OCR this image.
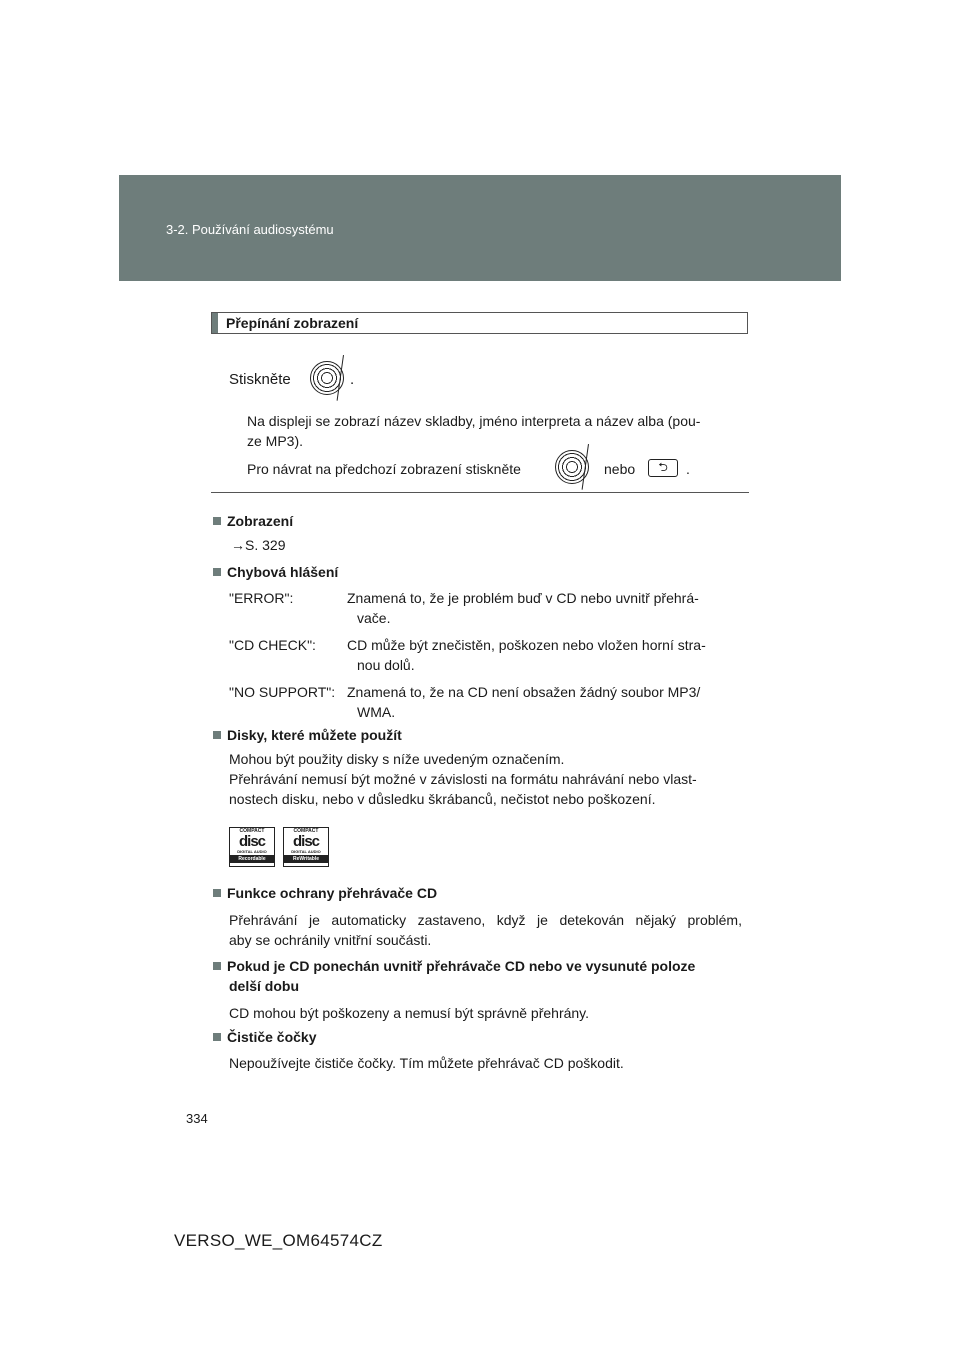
3-2. Používání audiosystému
Přepínání zobrazení
Stiskněte	.
Na displeji se zobrazí název skladby, jméno interpreta a název alba (pou-
ze MP3).
Pro návrat na předchozí zobrazení stiskněte	nebo	⮌	.
Zobrazení
→S. 329
Chybová hlášení
"ERROR":	Znamená to, že je problém buď v CD nebo uvnitř přehrá-
vače.
"CD CHECK": CD může být znečistěn, poškozen nebo vložen horní stra-
nou dolů.
"NO SUPPORT": Znamená to, že na CD není obsažen žádný soubor MP3/
WMA.
Disky, které můžete použít
Mohou být použity disky s níže uvedeným označením.
Přehrávání nemusí být možné v závislosti na formátu nahrávání nebo vlast-
nostech disku, nebo v důsledku škrábanců, nečistot nebo poškození.
COMPACT
disc
DIGITAL AUDIO
Recordable
COMPACT
disc
DIGITAL AUDIO
ReWritable
Funkce ochrany přehrávače CD
Přehrávání je automaticky zastaveno, když je detekován nějaký problém,
aby se ochránily vnitřní součásti.
Pokud je CD ponechán uvnitř přehrávače CD nebo ve vysunuté poloze
delší dobu
CD mohou být poškozeny a nemusí být správně přehrány.
Čističe čočky
Nepoužívejte čističe čočky. Tím můžete přehrávač CD poškodit.
334
VERSO_WE_OM64574CZ
